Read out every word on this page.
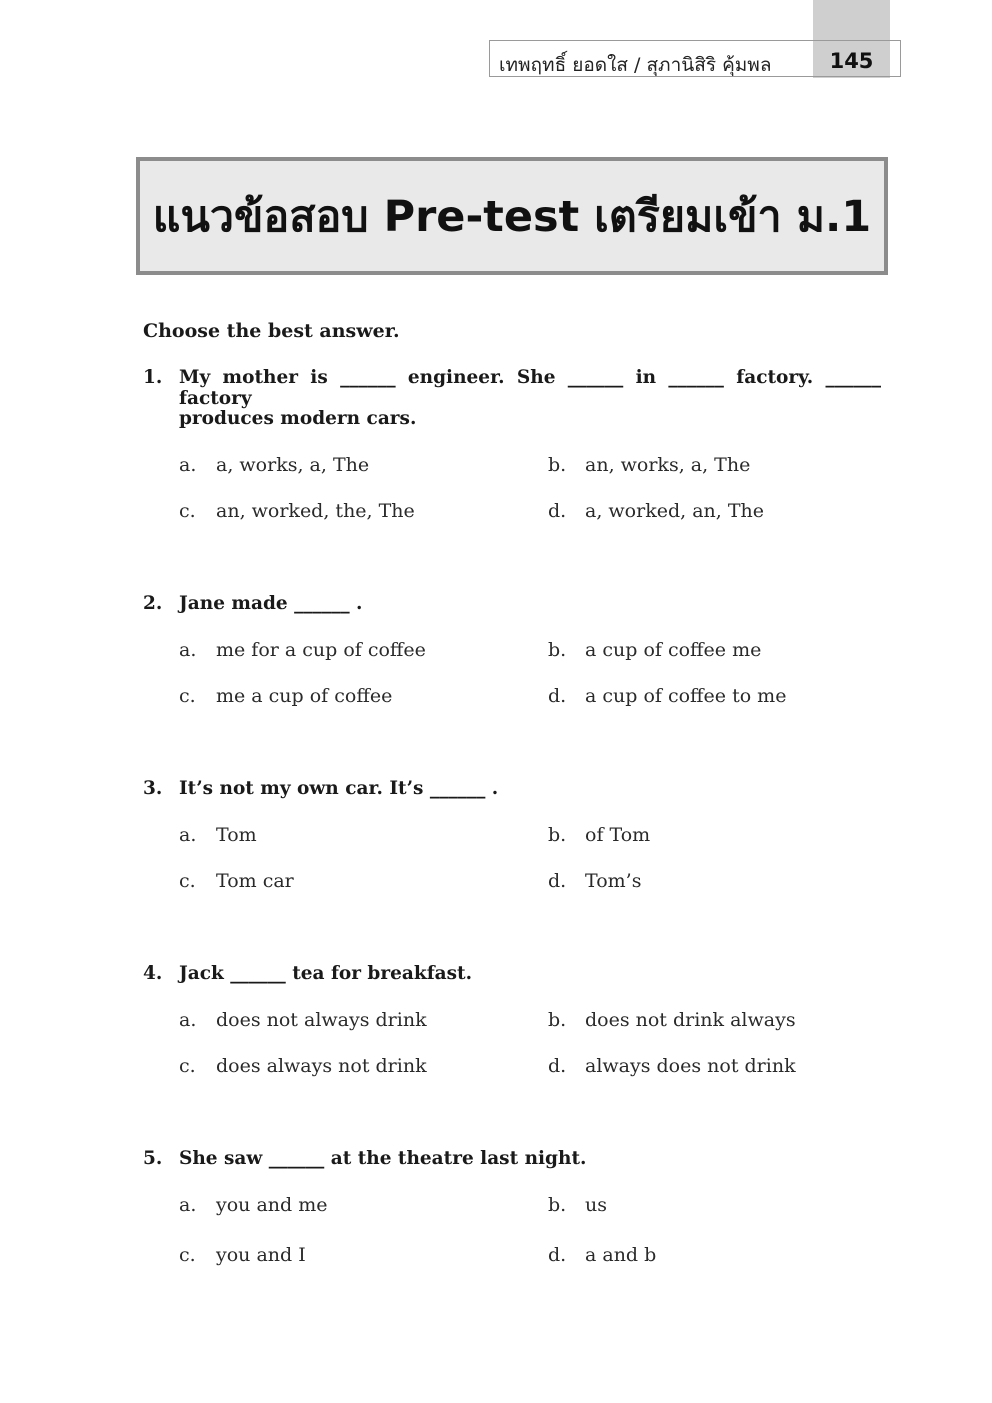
เทพฤทธิ์ ยอดใส / สุภานิสิริ คุ้มพล	145
แนวข้อสอบ Pre-test เตรียมเข้า ม.1
Choose the best answer.
1. My mother is ______ engineer. She ______ in ______ factory. ______ factory
produces modern cars.
a. a, works, a, The	b. an, works, a, The
c. an, worked, the, The	d. a, worked, an, The
2. Jane made ______ .
a. me for a cup of coffee	b. a cup of coffee me
c. me a cup of coffee	d. a cup of coffee to me
3. It’s not my own car. It’s ______ .
a. Tom	b. of Tom
c. Tom car	d. Tom’s
4. Jack ______ tea for breakfast.
a. does not always drink	b. does not drink always
c. does always not drink	d. always does not drink
5. She saw ______ at the theatre last night.
a. you and me	b. us
c. you and I	d. a and b
